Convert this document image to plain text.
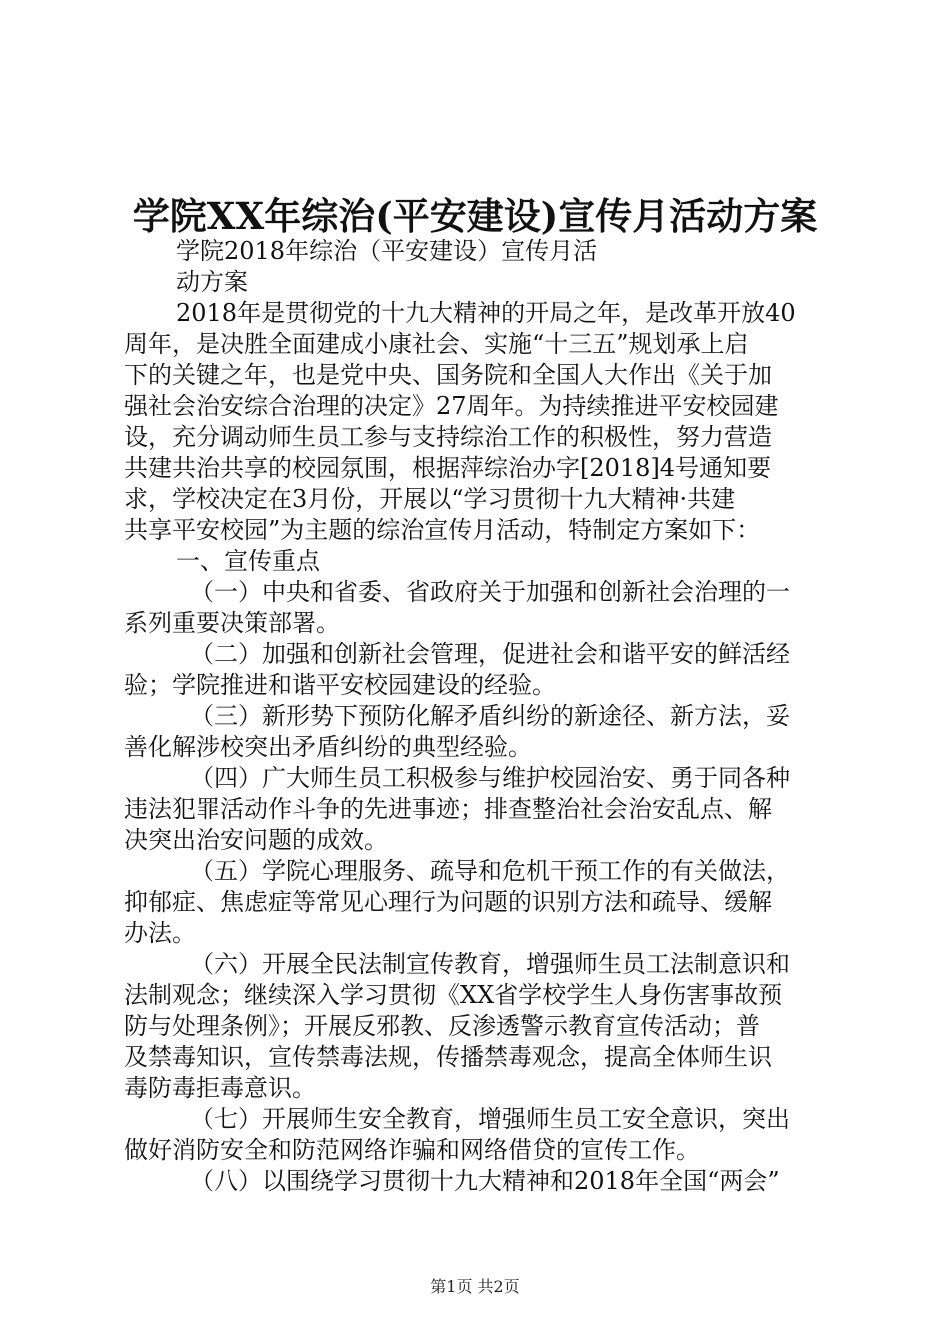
学院XX年综治(平安建设)宣传月活动方案
学院2018年综治（平安建设）宣传月活
动方案
2018年是贯彻党的十九大精神的开局之年，是改革开放40
周年，是决胜全面建成小康社会、实施“十三五”规划承上启
下的关键之年，也是党中央、国务院和全国人大作出《关于加
强社会治安综合治理的决定》27周年。为持续推进平安校园建
设，充分调动师生员工参与支持综治工作的积极性，努力营造
共建共治共享的校园氛围，根据萍综治办字[2018]4号通知要
求，学校决定在3月份，开展以“学习贯彻十九大精神·共建
共享平安校园”为主题的综治宣传月活动，特制定方案如下：
一、宣传重点
（一）中央和省委、省政府关于加强和创新社会治理的一
系列重要决策部署。
（二）加强和创新社会管理，促进社会和谐平安的鲜活经
验；学院推进和谐平安校园建设的经验。
（三）新形势下预防化解矛盾纠纷的新途径、新方法，妥
善化解涉校突出矛盾纠纷的典型经验。
（四）广大师生员工积极参与维护校园治安、勇于同各种
违法犯罪活动作斗争的先进事迹；排查整治社会治安乱点、解
决突出治安问题的成效。
（五）学院心理服务、疏导和危机干预工作的有关做法，
抑郁症、焦虑症等常见心理行为问题的识别方法和疏导、缓解
办法。
（六）开展全民法制宣传教育，增强师生员工法制意识和
法制观念；继续深入学习贯彻《XX省学校学生人身伤害事故预
防与处理条例》；开展反邪教、反渗透警示教育宣传活动；普
及禁毒知识，宣传禁毒法规，传播禁毒观念，提高全体师生识
毒防毒拒毒意识。
（七）开展师生安全教育，增强师生员工安全意识，突出
做好消防安全和防范网络诈骗和网络借贷的宣传工作。
（八）以围绕学习贯彻十九大精神和2018年全国“两会”
第1页 共2页
